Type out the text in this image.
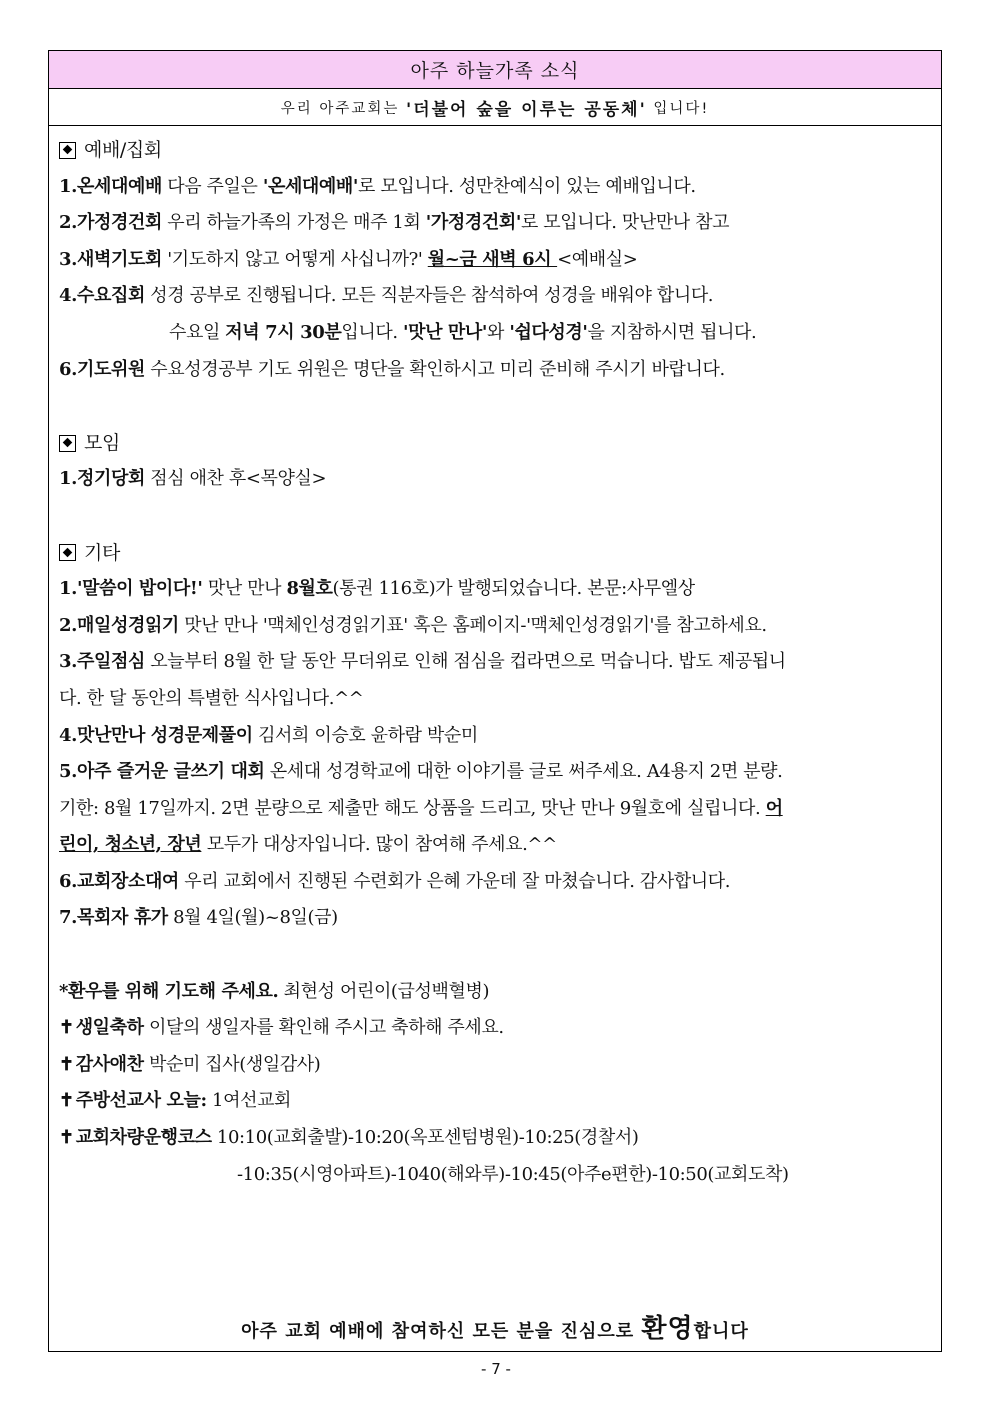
아주 하늘가족 소식
우리 아주교회는
'더불어 숲을 이루는 공동체'
입니다!
예배/집회
1.온세대예배 다음 주일은 '온세대예배'로 모입니다. 성만찬예식이 있는 예배입니다.
2.가정경건회 우리 하늘가족의 가정은 매주 1회 '가정경건회'로 모입니다. 맛난만나 참고
3.새벽기도회 '기도하지 않고 어떻게 사십니까?' 월~금 새벽 6시 <예배실>
4.수요집회 성경 공부로 진행됩니다. 모든 직분자들은 참석하여 성경을 배워야 합니다.
수요일 저녁 7시 30분입니다. '맛난 만나'와 '쉽다성경'을 지참하시면 됩니다.
6.기도위원 수요성경공부 기도 위원은 명단을 확인하시고 미리 준비해 주시기 바랍니다.
모임
1.정기당회 점심 애찬 후<목양실>
기타
1.'말씀이 밥이다!' 맛난 만나 8월호(통권 116호)가 발행되었습니다. 본문:사무엘상
2.매일성경읽기 맛난 만나 '맥체인성경읽기표' 혹은 홈페이지-'맥체인성경읽기'를 참고하세요.
3.주일점심 오늘부터 8월 한 달 동안 무더위로 인해 점심을 컵라면으로 먹습니다. 밥도 제공됩니
다. 한 달 동안의 특별한 식사입니다.^^
4.맛난만나 성경문제풀이 김서희 이승호 윤하람 박순미
5.아주 즐거운 글쓰기 대회 온세대 성경학교에 대한 이야기를 글로 써주세요. A4용지 2면 분량.
기한: 8월 17일까지. 2면 분량으로 제출만 해도 상품을 드리고, 맛난 만나 9월호에 실립니다. 어
린이, 청소년, 장년 모두가 대상자입니다. 많이 참여해 주세요.^^
6.교회장소대여 우리 교회에서 진행된 수련회가 은혜 가운데 잘 마쳤습니다. 감사합니다.
7.목회자 휴가 8월 4일(월)~8일(금)
*환우를 위해 기도해 주세요. 최현성 어린이(급성백혈병)
✝ 생일축하 이달의 생일자를 확인해 주시고 축하해 주세요.
✝ 감사애찬 박순미 집사(생일감사)
✝ 주방선교사 오늘: 1여선교회
✝ 교회차량운행코스 10:10(교회출발)-10:20(옥포센텀병원)-10:25(경찰서)
-10:35(시영아파트)-1040(해와루)-10:45(아주e편한)-10:50(교회도착)
아주 교회 예배에 참여하신 모든 분을 진심으로 환영합니다
- 7 -
